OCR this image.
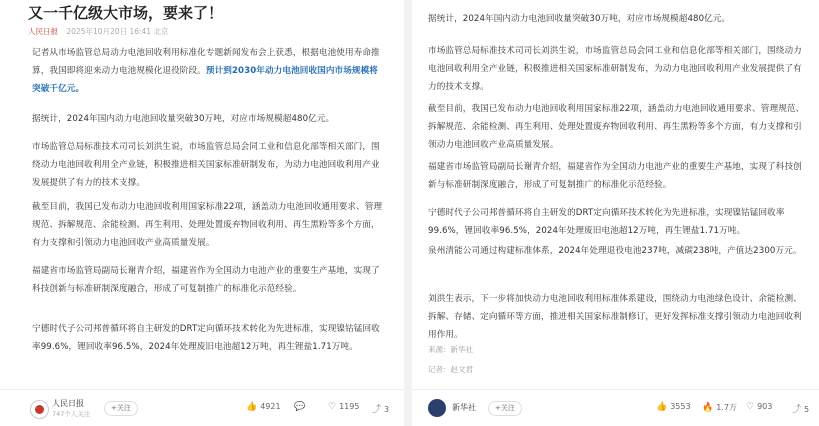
又一千亿级大市场，要来了！
人民日报 2025年10月20日 16:41 北京
记者从市场监管总局动力电池回收利用标准化专题新闻发布会上获悉，根据电池使用寿命推算，我国即将迎来动力电池规模化退役阶段。预计到2030年动力电池回收国内市场规模将突破千亿元。
据统计，2024年国内动力电池回收量突破30万吨，对应市场规模超480亿元。
市场监管总局标准技术司司长刘洪生说，市场监管总局会同工业和信息化部等相关部门，围绕动力电池回收利用全产业链，积极推进相关国家标准研制发布，为动力电池回收利用产业发展提供了有力的技术支撑。
截至目前，我国已发布动力电池回收利用国家标准22项，涵盖动力电池回收通用要求、管理规范、拆解规范、余能检测、再生利用、处理处置废弃物回收利用、再生黑粉等多个方面，有力支撑和引领动力电池回收产业高质量发展。
福建省市场监管局副局长谢青介绍，福建省作为全国动力电池产业的重要生产基地，实现了科技创新与标准研制深度融合，形成了可复制推广的标准化示范经验。
宁德时代子公司邦普循环将自主研发的DRT定向循环技术转化为先进标准，实现镍钴锰回收率99.6%，锂回收率96.5%，2024年处理废旧电池超12万吨，再生锂盐1.71万吨。
人民日报
747个人关注
+关注	👍 4921 💬	♡ 1195 ⤴ 3
据统计，2024年国内动力电池回收量突破30万吨，对应市场规模超480亿元。
市场监管总局标准技术司司长刘洪生说，市场监管总局会同工业和信息化部等相关部门，围绕动力电池回收利用全产业链，积极推进相关国家标准研制发布，为动力电池回收利用产业发展提供了有力的技术支撑。
截至目前，我国已发布动力电池回收利用国家标准22项，涵盖动力电池回收通用要求、管理规范、拆解规范、余能检测、再生利用、处理处置废弃物回收利用、再生黑粉等多个方面，有力支撑和引领动力电池回收产业高质量发展。
福建省市场监管局副局长谢青介绍，福建省作为全国动力电池产业的重要生产基地，实现了科技创新与标准研制深度融合，形成了可复制推广的标准化示范经验。
宁德时代子公司邦普循环将自主研发的DRT定向循环技术转化为先进标准，实现镍钴锰回收率99.6%，锂回收率96.5%，2024年处理废旧电池超12万吨，再生锂盐1.71万吨。
泉州清能公司通过构建标准体系，2024年处理退役电池237吨，减碳238吨，产值达2300万元。
刘洪生表示，下一步将加快动力电池回收利用标准体系建设，围绕动力电池绿色设计、余能检测、拆解、存储、定向循环等方面，推进相关国家标准制修订，更好发挥标准支撑引领动力电池回收利用作用。
来源：新华社
记者：赵文君
新华社	+关注	👍 3553 🔥 1.7万 ♡ 903 ⤴ 5
